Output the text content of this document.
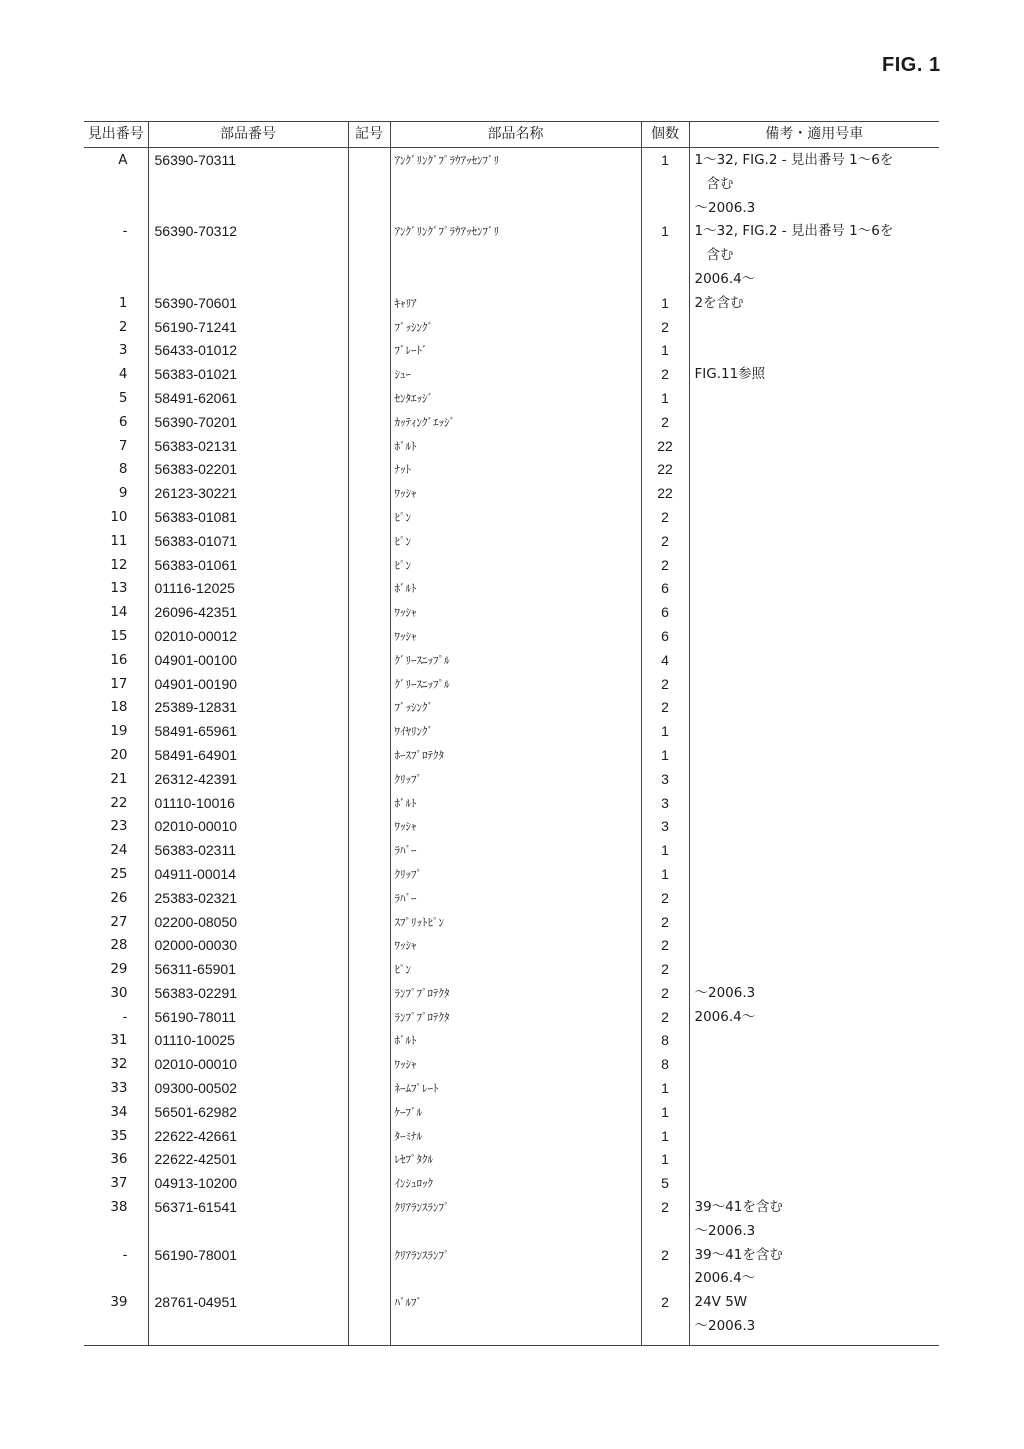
FIG. 1
見出番号	部品番号	記号	部品名称	個数	備考・適用号車
A	56390-70311		ｱﾝｸﾞﾘﾝｸﾞﾌﾟﾗｳｱｯｾﾝﾌﾞﾘ	1	1～32, FIG.2 - 見出番号 1～6を
含む
～2006.3

-	56390-70312		ｱﾝｸﾞﾘﾝｸﾞﾌﾟﾗｳｱｯｾﾝﾌﾞﾘ	1	1～32, FIG.2 - 見出番号 1～6を
含む
2006.4～

1	56390-70601		ｷｬﾘｱ	1	2を含む

2	56190-71241		ﾌﾞｯｼﾝｸﾞ	2	
3	56433-01012		ﾌﾞﾚｰﾄﾞ	1	
4	56383-01021		ｼｭｰ	2	FIG.11参照

5	58491-62061		ｾﾝﾀｴｯｼﾞ	1	
6	56390-70201		ｶｯﾃｨﾝｸﾞｴｯｼﾞ	2	
7	56383-02131		ﾎﾞﾙﾄ	22	
8	56383-02201		ﾅｯﾄ	22	
9	26123-30221		ﾜｯｼｬ	22	
10	56383-01081		ﾋﾟﾝ	2	
11	56383-01071		ﾋﾟﾝ	2	
12	56383-01061		ﾋﾟﾝ	2	
13	01116-12025		ﾎﾞﾙﾄ	6	
14	26096-42351		ﾜｯｼｬ	6	
15	02010-00012		ﾜｯｼｬ	6	
16	04901-00100		ｸﾞﾘｰｽﾆｯﾌﾟﾙ	4	
17	04901-00190		ｸﾞﾘｰｽﾆｯﾌﾟﾙ	2	
18	25389-12831		ﾌﾞｯｼﾝｸﾞ	2	
19	58491-65961		ﾜｲﾔﾘﾝｸﾞ	1	
20	58491-64901		ﾎｰｽﾌﾟﾛﾃｸﾀ	1	
21	26312-42391		ｸﾘｯﾌﾟ	3	
22	01110-10016		ﾎﾞﾙﾄ	3	
23	02010-00010		ﾜｯｼｬ	3	
24	56383-02311		ﾗﾊﾞｰ	1	
25	04911-00014		ｸﾘｯﾌﾟ	1	
26	25383-02321		ﾗﾊﾞｰ	2	
27	02200-08050		ｽﾌﾟﾘｯﾄﾋﾟﾝ	2	
28	02000-00030		ﾜｯｼｬ	2	
29	56311-65901		ﾋﾟﾝ	2	
30	56383-02291		ﾗﾝﾌﾟﾌﾟﾛﾃｸﾀ	2	～2006.3

-	56190-78011		ﾗﾝﾌﾟﾌﾟﾛﾃｸﾀ	2	2006.4～

31	01110-10025		ﾎﾞﾙﾄ	8	
32	02010-00010		ﾜｯｼｬ	8	
33	09300-00502		ﾈｰﾑﾌﾟﾚｰﾄ	1	
34	56501-62982		ｹｰﾌﾞﾙ	1	
35	22622-42661		ﾀｰﾐﾅﾙ	1	
36	22622-42501		ﾚｾﾌﾟﾀｸﾙ	1	
37	04913-10200		ｲﾝｼｭﾛｯｸ	5	
38	56371-61541		ｸﾘｱﾗﾝｽﾗﾝﾌﾟ	2	39～41を含む
～2006.3

-	56190-78001		ｸﾘｱﾗﾝｽﾗﾝﾌﾟ	2	39～41を含む
2006.4～

39	28761-04951		ﾊﾞﾙﾌﾞ	2	24V 5W
～2006.3
